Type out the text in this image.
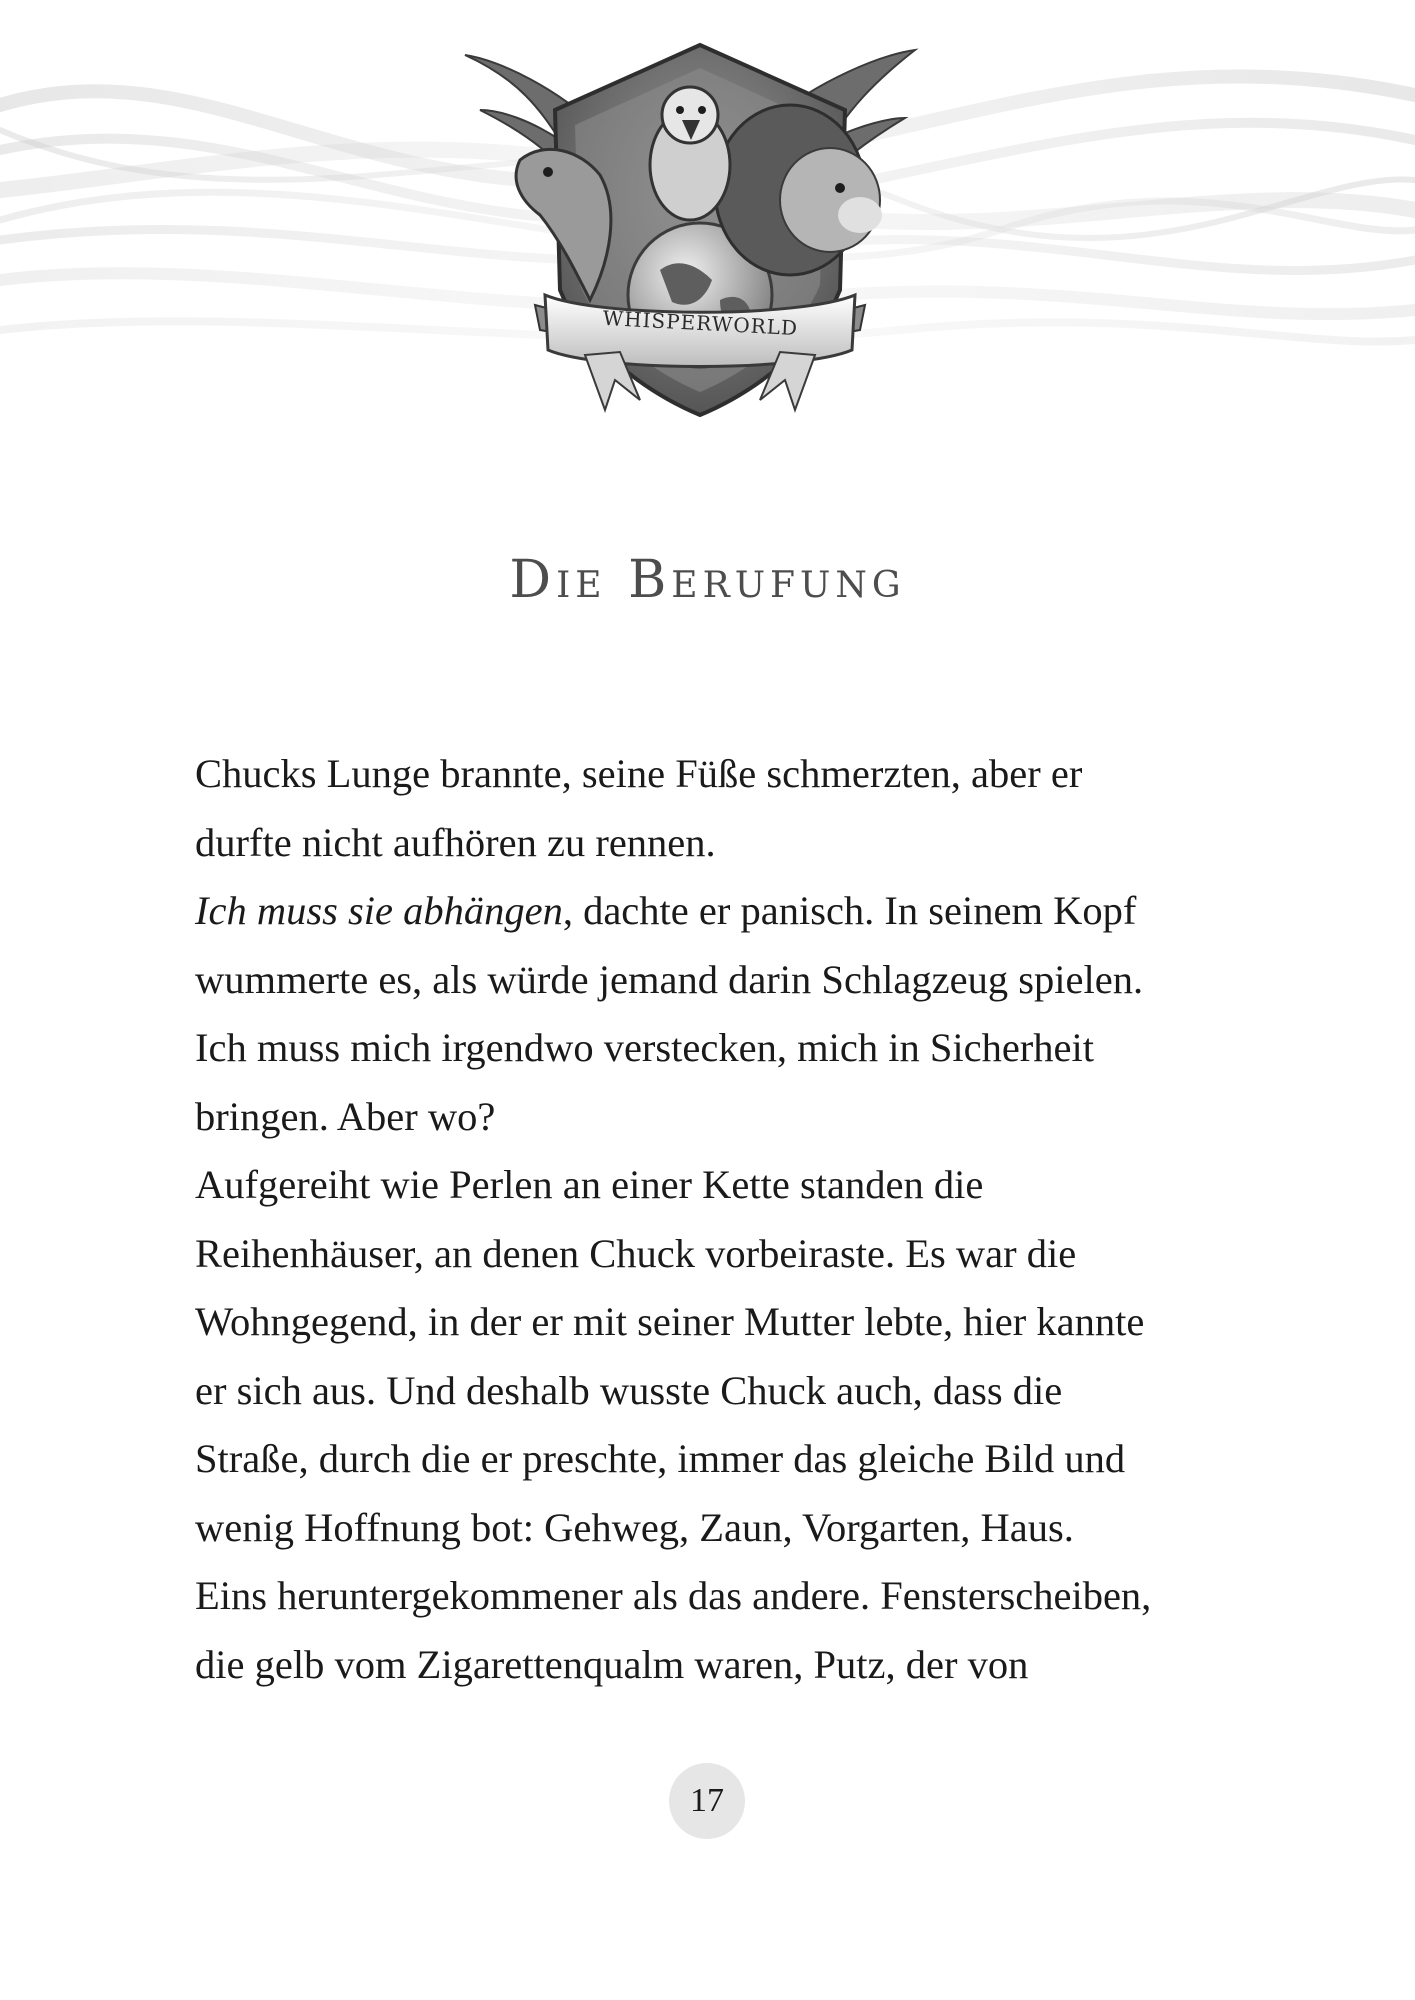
WHISPERWORLD
Die Berufung
Chucks Lunge brannte, seine Füße schmerzten, aber er
durfte nicht aufhören zu rennen.
Ich muss sie abhängen, dachte er panisch. In seinem Kopf
wummerte es, als würde jemand darin Schlagzeug spielen.
Ich muss mich irgendwo verstecken, mich in Sicherheit
bringen. Aber wo?
Aufgereiht wie Perlen an einer Kette standen die
Reihenhäuser, an denen Chuck vorbeiraste. Es war die
Wohngegend, in der er mit seiner Mutter lebte, hier kannte
er sich aus. Und deshalb wusste Chuck auch, dass die
Straße, durch die er preschte, immer das gleiche Bild und
wenig Hoffnung bot: Gehweg, Zaun, Vorgarten, Haus.
Eins heruntergekommener als das andere. Fensterscheiben,
die gelb vom Zigarettenqualm waren, Putz, der von
17
